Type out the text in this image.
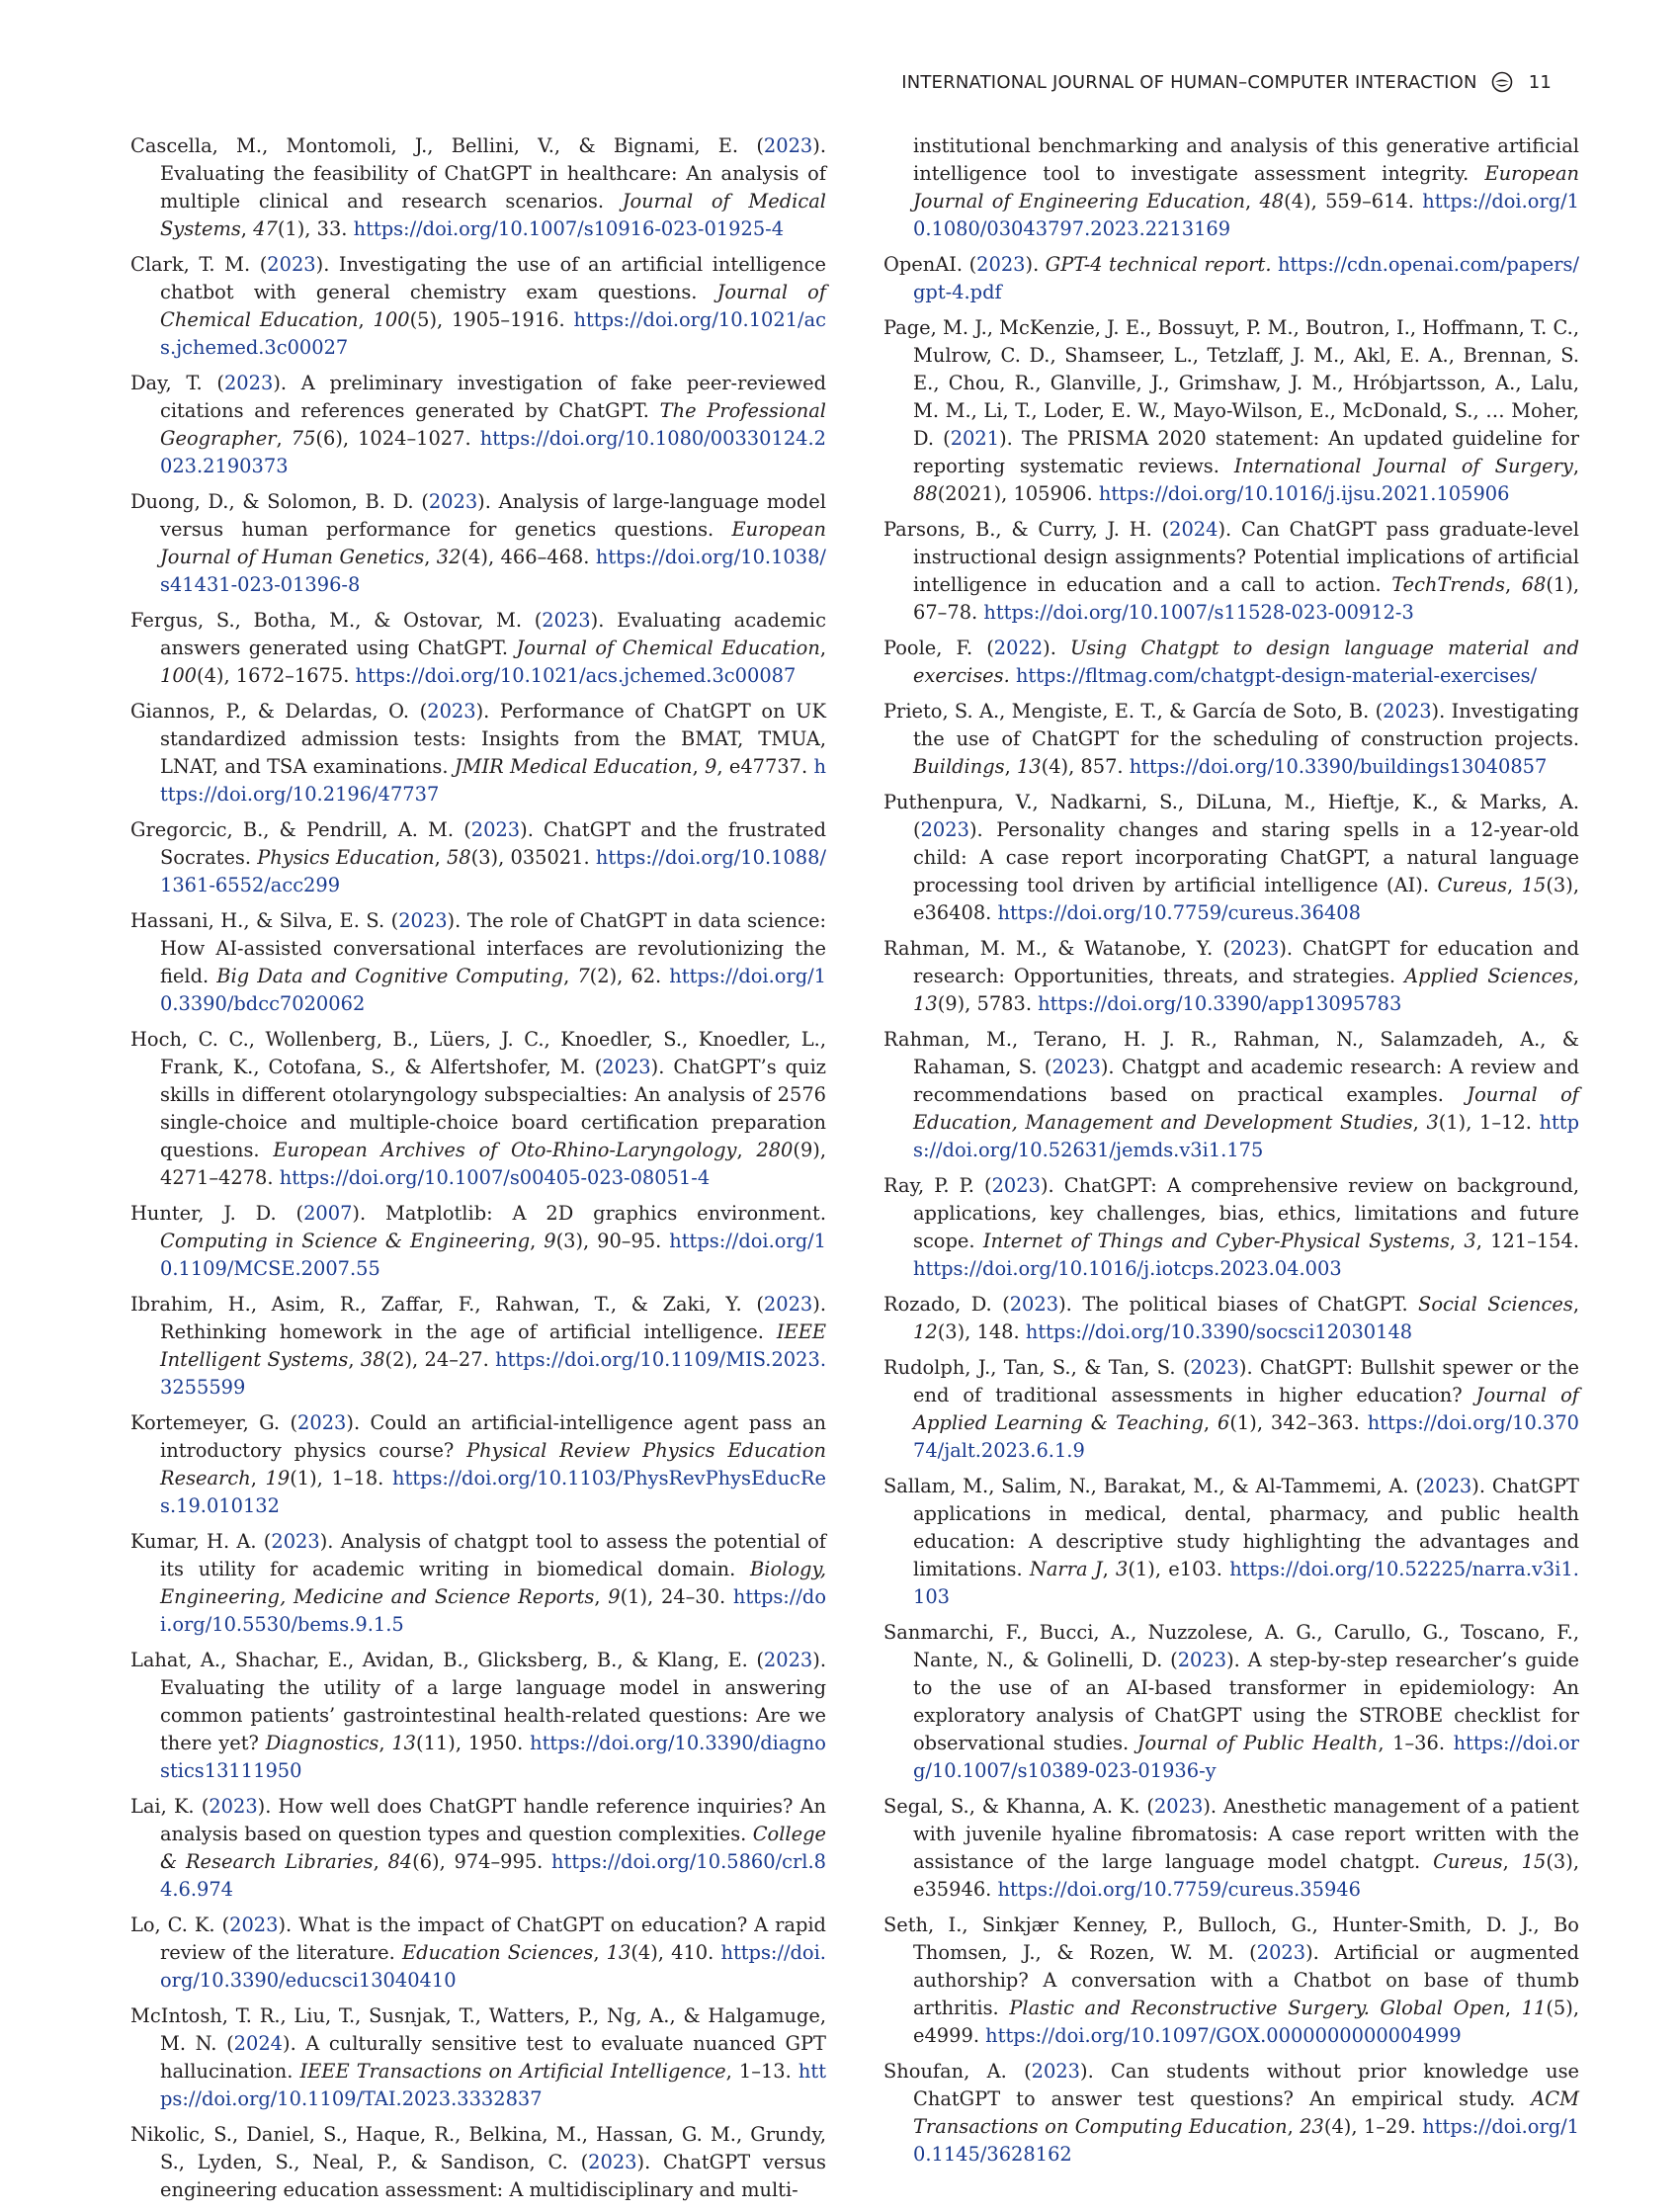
INTERNATIONAL JOURNAL OF HUMAN–COMPUTER INTERACTION	11

Cascella, M., Montomoli, J., Bellini, V., & Bignami, E. (2023). Evaluating the feasibility of ChatGPT in healthcare: An analysis of multiple clinical and research scenarios. Journal of Medical Systems, 47(1), 33. https://doi.org/10.1007/s10916-023-01925-4

Clark, T. M. (2023). Investigating the use of an artificial intelligence chatbot with general chemistry exam questions. Journal of Chemical Education, 100(5), 1905–1916. https://doi.org/10.1021/acs.jchemed.3c00027

Day, T. (2023). A preliminary investigation of fake peer-reviewed citations and references generated by ChatGPT. The Professional Geographer, 75(6), 1024–1027. https://doi.org/10.1080/00330124.2023.2190373

Duong, D., & Solomon, B. D. (2023). Analysis of large-language model versus human performance for genetics questions. European Journal of Human Genetics, 32(4), 466–468. https://doi.org/10.1038/s41431-023-01396-8

Fergus, S., Botha, M., & Ostovar, M. (2023). Evaluating academic answers generated using ChatGPT. Journal of Chemical Education, 100(4), 1672–1675. https://doi.org/10.1021/acs.jchemed.3c00087

Giannos, P., & Delardas, O. (2023). Performance of ChatGPT on UK standardized admission tests: Insights from the BMAT, TMUA, LNAT, and TSA examinations. JMIR Medical Education, 9, e47737. https://doi.org/10.2196/47737

Gregorcic, B., & Pendrill, A. M. (2023). ChatGPT and the frustrated Socrates. Physics Education, 58(3), 035021. https://doi.org/10.1088/1361-6552/acc299

Hassani, H., & Silva, E. S. (2023). The role of ChatGPT in data science: How AI-assisted conversational interfaces are revolutionizing the field. Big Data and Cognitive Computing, 7(2), 62. https://doi.org/10.3390/bdcc7020062

Hoch, C. C., Wollenberg, B., Lüers, J. C., Knoedler, S., Knoedler, L., Frank, K., Cotofana, S., & Alfertshofer, M. (2023). ChatGPT’s quiz skills in different otolaryngology subspecialties: An analysis of 2576 single-choice and multiple-choice board certification preparation questions. European Archives of Oto-Rhino-Laryngology, 280(9), 4271–4278. https://doi.org/10.1007/s00405-023-08051-4

Hunter, J. D. (2007). Matplotlib: A 2D graphics environment. Computing in Science & Engineering, 9(3), 90–95. https://doi.org/10.1109/MCSE.2007.55

Ibrahim, H., Asim, R., Zaffar, F., Rahwan, T., & Zaki, Y. (2023). Rethinking homework in the age of artificial intelligence. IEEE Intelligent Systems, 38(2), 24–27. https://doi.org/10.1109/MIS.2023.3255599

Kortemeyer, G. (2023). Could an artificial-intelligence agent pass an introductory physics course? Physical Review Physics Education Research, 19(1), 1–18. https://doi.org/10.1103/PhysRevPhysEducRes.19.010132

Kumar, H. A. (2023). Analysis of chatgpt tool to assess the potential of its utility for academic writing in biomedical domain. Biology, Engineering, Medicine and Science Reports, 9(1), 24–30. https://doi.org/10.5530/bems.9.1.5

Lahat, A., Shachar, E., Avidan, B., Glicksberg, B., & Klang, E. (2023). Evaluating the utility of a large language model in answering common patients’ gastrointestinal health-related questions: Are we there yet? Diagnostics, 13(11), 1950. https://doi.org/10.3390/diagnostics13111950

Lai, K. (2023). How well does ChatGPT handle reference inquiries? An analysis based on question types and question complexities. College & Research Libraries, 84(6), 974–995. https://doi.org/10.5860/crl.84.6.974

Lo, C. K. (2023). What is the impact of ChatGPT on education? A rapid review of the literature. Education Sciences, 13(4), 410. https://doi.org/10.3390/educsci13040410

McIntosh, T. R., Liu, T., Susnjak, T., Watters, P., Ng, A., & Halgamuge, M. N. (2024). A culturally sensitive test to evaluate nuanced GPT hallucination. IEEE Transactions on Artificial Intelligence, 1–13. https://doi.org/10.1109/TAI.2023.3332837

Nikolic, S., Daniel, S., Haque, R., Belkina, M., Hassan, G. M., Grundy, S., Lyden, S., Neal, P., & Sandison, C. (2023). ChatGPT versus engineering education assessment: A multidisciplinary and multi-

institutional benchmarking and analysis of this generative artificial intelligence tool to investigate assessment integrity. European Journal of Engineering Education, 48(4), 559–614. https://doi.org/10.1080/03043797.2023.2213169

OpenAI. (2023). GPT-4 technical report. https://cdn.openai.com/papers/gpt-4.pdf

Page, M. J., McKenzie, J. E., Bossuyt, P. M., Boutron, I., Hoffmann, T. C., Mulrow, C. D., Shamseer, L., Tetzlaff, J. M., Akl, E. A., Brennan, S. E., Chou, R., Glanville, J., Grimshaw, J. M., Hróbjartsson, A., Lalu, M. M., Li, T., Loder, E. W., Mayo-Wilson, E., McDonald, S., … Moher, D. (2021). The PRISMA 2020 statement: An updated guideline for reporting systematic reviews. International Journal of Surgery, 88(2021), 105906. https://doi.org/10.1016/j.ijsu.2021.105906

Parsons, B., & Curry, J. H. (2024). Can ChatGPT pass graduate-level instructional design assignments? Potential implications of artificial intelligence in education and a call to action. TechTrends, 68(1), 67–78. https://doi.org/10.1007/s11528-023-00912-3

Poole, F. (2022). Using Chatgpt to design language material and exercises. https://fltmag.com/chatgpt-design-material-exercises/

Prieto, S. A., Mengiste, E. T., & García de Soto, B. (2023). Investigating the use of ChatGPT for the scheduling of construction projects. Buildings, 13(4), 857. https://doi.org/10.3390/buildings13040857

Puthenpura, V., Nadkarni, S., DiLuna, M., Hieftje, K., & Marks, A. (2023). Personality changes and staring spells in a 12-year-old child: A case report incorporating ChatGPT, a natural language processing tool driven by artificial intelligence (AI). Cureus, 15(3), e36408. https://doi.org/10.7759/cureus.36408

Rahman, M. M., & Watanobe, Y. (2023). ChatGPT for education and research: Opportunities, threats, and strategies. Applied Sciences, 13(9), 5783. https://doi.org/10.3390/app13095783

Rahman, M., Terano, H. J. R., Rahman, N., Salamzadeh, A., & Rahaman, S. (2023). Chatgpt and academic research: A review and recommendations based on practical examples. Journal of Education, Management and Development Studies, 3(1), 1–12. https://doi.org/10.52631/jemds.v3i1.175

Ray, P. P. (2023). ChatGPT: A comprehensive review on background, applications, key challenges, bias, ethics, limitations and future scope. Internet of Things and Cyber-Physical Systems, 3, 121–154. https://doi.org/10.1016/j.iotcps.2023.04.003

Rozado, D. (2023). The political biases of ChatGPT. Social Sciences, 12(3), 148. https://doi.org/10.3390/socsci12030148

Rudolph, J., Tan, S., & Tan, S. (2023). ChatGPT: Bullshit spewer or the end of traditional assessments in higher education? Journal of Applied Learning & Teaching, 6(1), 342–363. https://doi.org/10.37074/jalt.2023.6.1.9

Sallam, M., Salim, N., Barakat, M., & Al-Tammemi, A. (2023). ChatGPT applications in medical, dental, pharmacy, and public health education: A descriptive study highlighting the advantages and limitations. Narra J, 3(1), e103. https://doi.org/10.52225/narra.v3i1.103

Sanmarchi, F., Bucci, A., Nuzzolese, A. G., Carullo, G., Toscano, F., Nante, N., & Golinelli, D. (2023). A step-by-step researcher’s guide to the use of an AI-based transformer in epidemiology: An exploratory analysis of ChatGPT using the STROBE checklist for observational studies. Journal of Public Health, 1–36. https://doi.org/10.1007/s10389-023-01936-y

Segal, S., & Khanna, A. K. (2023). Anesthetic management of a patient with juvenile hyaline fibromatosis: A case report written with the assistance of the large language model chatgpt. Cureus, 15(3), e35946. https://doi.org/10.7759/cureus.35946

Seth, I., Sinkjær Kenney, P., Bulloch, G., Hunter-Smith, D. J., Bo Thomsen, J., & Rozen, W. M. (2023). Artificial or augmented authorship? A conversation with a Chatbot on base of thumb arthritis. Plastic and Reconstructive Surgery. Global Open, 11(5), e4999. https://doi.org/10.1097/GOX.0000000000004999

Shoufan, A. (2023). Can students without prior knowledge use ChatGPT to answer test questions? An empirical study. ACM Transactions on Computing Education, 23(4), 1–29. https://doi.org/10.1145/3628162
